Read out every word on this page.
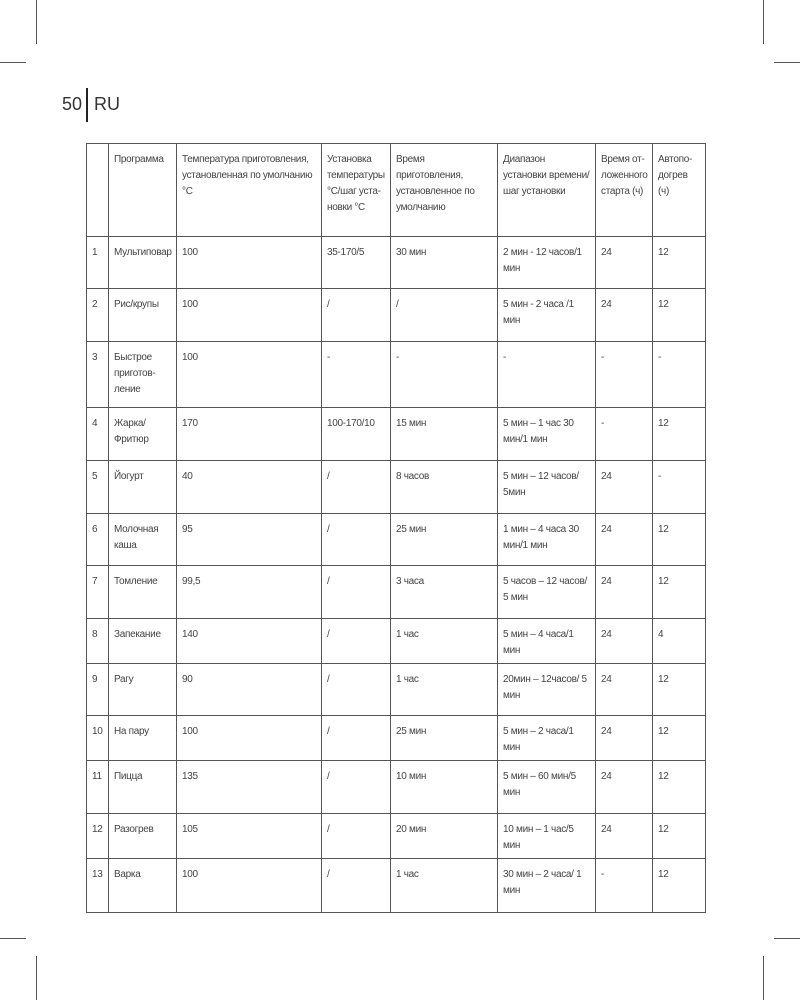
50 RU
	Программа	Температура приготовления, установленная по умолчанию °С	Установка температуры °С/шаг уста-новки °С	Время приготовления, установленное по умолчанию	Диапазон установки времени/шаг установки	Время от-ложенного старта (ч)	Автопо-догрев (ч)
1	Мультиповар	100	35-170/5	30 мин	2 мин - 12 часов/1 мин	24	12
2	Рис/крупы	100	/	/	5 мин - 2 часа /1 мин	24	12
3	Быстрое приготов-ление	100	-	-	-	-	-
4	Жарка/ Фритюр	170	100-170/10	15 мин	5 мин – 1 час 30 мин/1 мин	-	12
5	Йогурт	40	/	8 часов	5 мин – 12 часов/ 5мин	24	-
6	Молочная каша	95	/	25 мин	1 мин – 4 часа 30 мин/1 мин	24	12
7	Томление	99,5	/	3 часа	5 часов – 12 часов/ 5 мин	24	12
8	Запекание	140	/	1 час	5 мин – 4 часа/1 мин	24	4
9	Рагу	90	/	1 час	20мин – 12часов/ 5 мин	24	12
10	На пару	100	/	25 мин	5 мин – 2 часа/1 мин	24	12
11	Пицца	135	/	10 мин	5 мин – 60 мин/5 мин	24	12
12	Разогрев	105	/	20 мин	10 мин – 1 час/5 мин	24	12
13	Варка	100	/	1 час	30 мин – 2 часа/ 1 мин	-	12
